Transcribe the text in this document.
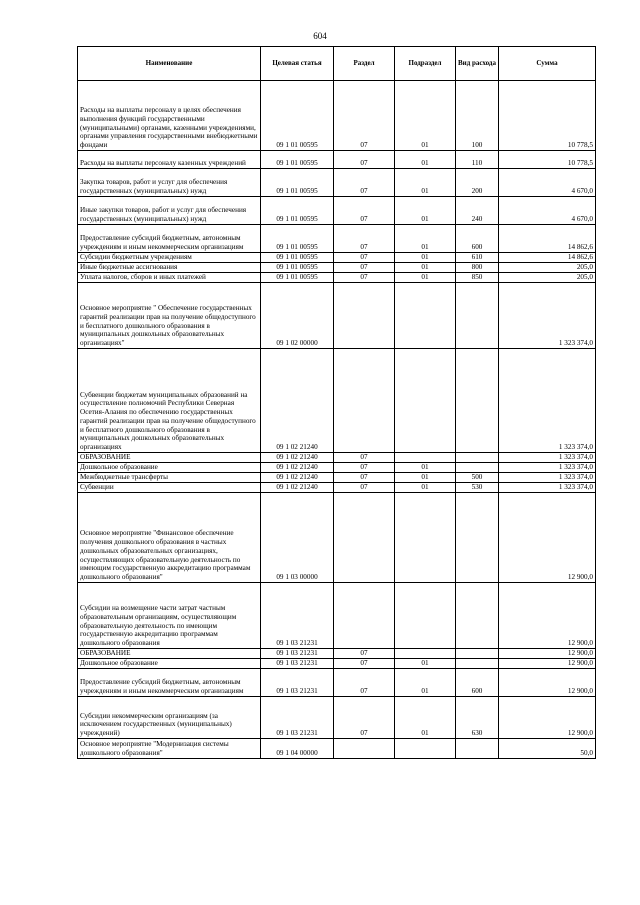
604
Наименование	Целевая статья	Раздел	Подраздел	Вид расхода	Сумма
Расходы на выплаты персоналу в целях обеспечения выполнения функций государственными (муниципальными) органами, казенными учреждениями, органами управления государственными внебюджетными фондами	09 1 01 00595	07	01	100	10 778,5
Расходы на выплаты персоналу казенных учреждений	09 1 01 00595	07	01	110	10 778,5
Закупка товаров, работ и услуг для обеспечения государственных (муниципальных) нужд	09 1 01 00595	07	01	200	4 670,0
Иные закупки товаров, работ и услуг для обеспечения государственных (муниципальных) нужд	09 1 01 00595	07	01	240	4 670,0
Предоставление субсидий бюджетным, автономным учреждениям и иным некоммерческим организациям	09 1 01 00595	07	01	600	14 862,6
Субсидии бюджетным учреждениям	09 1 01 00595	07	01	610	14 862,6
Иные бюджетные ассигнования	09 1 01 00595	07	01	800	205,0
Уплата налогов, сборов и иных платежей	09 1 01 00595	07	01	850	205,0
Основное мероприятие " Обеспечение государственных гарантий реализации прав на получение общедоступного и бесплатного дошкольного образования в муниципальных дошкольных образовательных организациях"	09 1 02 00000				1 323 374,0
Субвенции бюджетам муниципальных образований на осуществление полномочий Республики Северная Осетия-Алания по обеспечению государственных гарантий реализации прав на получение общедоступного и бесплатного дошкольного образования в муниципальных дошкольных образовательных организациях	09 1 02 21240				1 323 374,0
ОБРАЗОВАНИЕ	09 1 02 21240	07			1 323 374,0
Дошкольное образование	09 1 02 21240	07	01		1 323 374,0
Межбюджетные трансферты	09 1 02 21240	07	01	500	1 323 374,0
Субвенции	09 1 02 21240	07	01	530	1 323 374,0
Основное мероприятие "Финансовое обеспечение получения дошкольного образования в частных дошкольных образовательных организациях, осуществляющих образовательную деятельность по имеющим государственную аккредитацию программам дошкольного образования"	09 1 03 00000				12 900,0
Субсидии на возмещение части затрат частным образовательным организациям, осуществляющим образовательную деятельность по имеющим государственную аккредитацию программам дошкольного образования	09 1 03 21231				12 900,0
ОБРАЗОВАНИЕ	09 1 03 21231	07			12 900,0
Дошкольное образование	09 1 03 21231	07	01		12 900,0
Предоставление субсидий бюджетным, автономным учреждениям и иным некоммерческим организациям	09 1 03 21231	07	01	600	12 900,0
Субсидии некоммерческим организациям (за исключением государственных (муниципальных) учреждений)	09 1 03 21231	07	01	630	12 900,0
Основное мероприятие "Модернизация системы дошкольного образования"	09 1 04 00000				50,0
